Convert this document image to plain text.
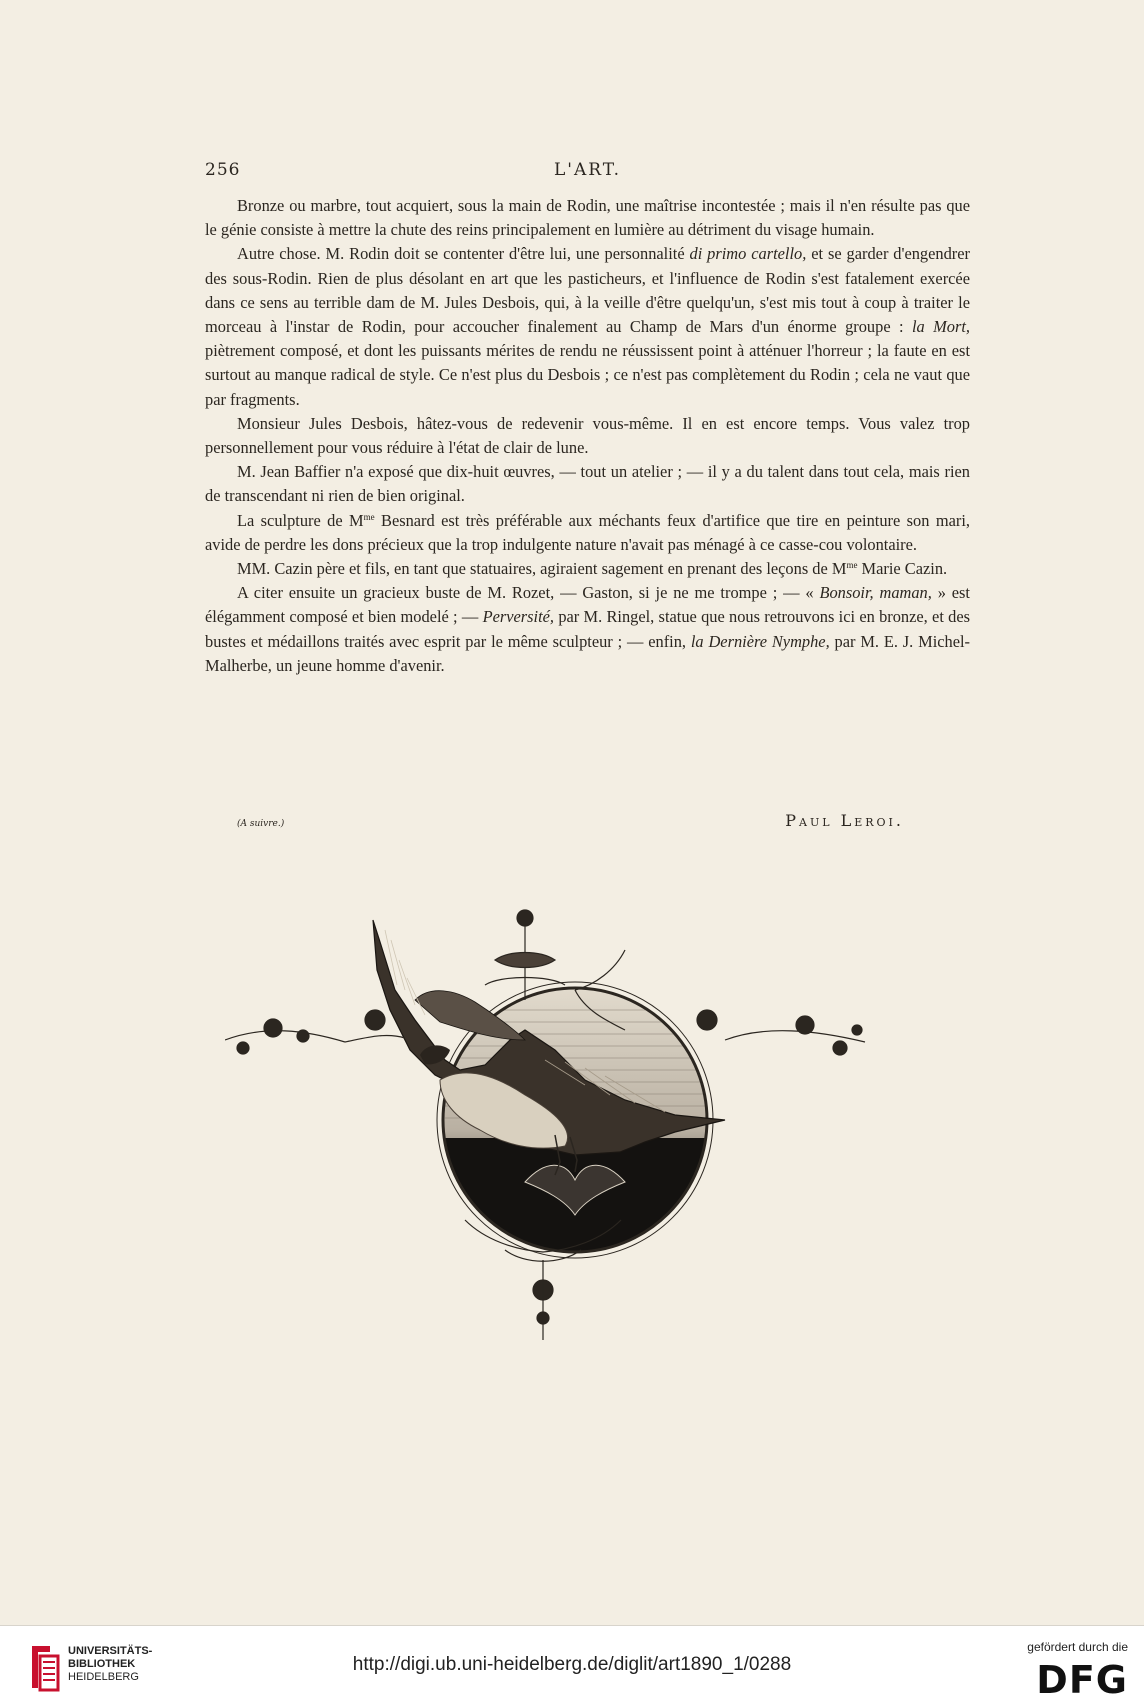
256	L'ART.

Bronze ou marbre, tout acquiert, sous la main de Rodin, une maîtrise incontestée ; mais il n'en résulte pas que le génie consiste à mettre la chute des reins principalement en lumière au détriment du visage humain.

Autre chose. M. Rodin doit se contenter d'être lui, une personnalité di primo cartello, et se garder d'engendrer des sous-Rodin. Rien de plus désolant en art que les pasticheurs, et l'influence de Rodin s'est fatalement exercée dans ce sens au terrible dam de M. Jules Desbois, qui, à la veille d'être quelqu'un, s'est mis tout à coup à traiter le morceau à l'instar de Rodin, pour accoucher finalement au Champ de Mars d'un énorme groupe : la Mort, piètrement composé, et dont les puissants mérites de rendu ne réussissent point à atténuer l'horreur ; la faute en est surtout au manque radical de style. Ce n'est plus du Desbois ; ce n'est pas complètement du Rodin ; cela ne vaut que par fragments.

Monsieur Jules Desbois, hâtez-vous de redevenir vous-même. Il en est encore temps. Vous valez trop personnellement pour vous réduire à l'état de clair de lune.

M. Jean Baffier n'a exposé que dix-huit œuvres, — tout un atelier ; — il y a du talent dans tout cela, mais rien de transcendant ni rien de bien original.

La sculpture de $M^{me}$ Besnard est très préférable aux méchants feux d'artifice que tire en peinture son mari, avide de perdre les dons précieux que la trop indulgente nature n'avait pas ménagé à ce casse-cou volontaire.

MM. Cazin père et fils, en tant que statuaires, agiraient sagement en prenant des leçons de $M^{me}$ Marie Cazin.

A citer ensuite un gracieux buste de M. Rozet, — Gaston, si je ne me trompe ; — « Bonsoir, maman, » est élégamment composé et bien modelé ; — Perversité, par M. Ringel, statue que nous retrouvons ici en bronze, et des bustes et médaillons traités avec esprit par le même sculpteur ; — enfin, la Dernière Nymphe, par M. E. J. Michel-Malherbe, un jeune homme d'avenir.

(A suivre.)	Paul Leroi.
UNIVERSITÄTS-
BIBLIOTHEK
HEIDELBERG
http://digi.ub.uni-heidelberg.de/diglit/art1890_1/0288
gefördert durch die
DFG
